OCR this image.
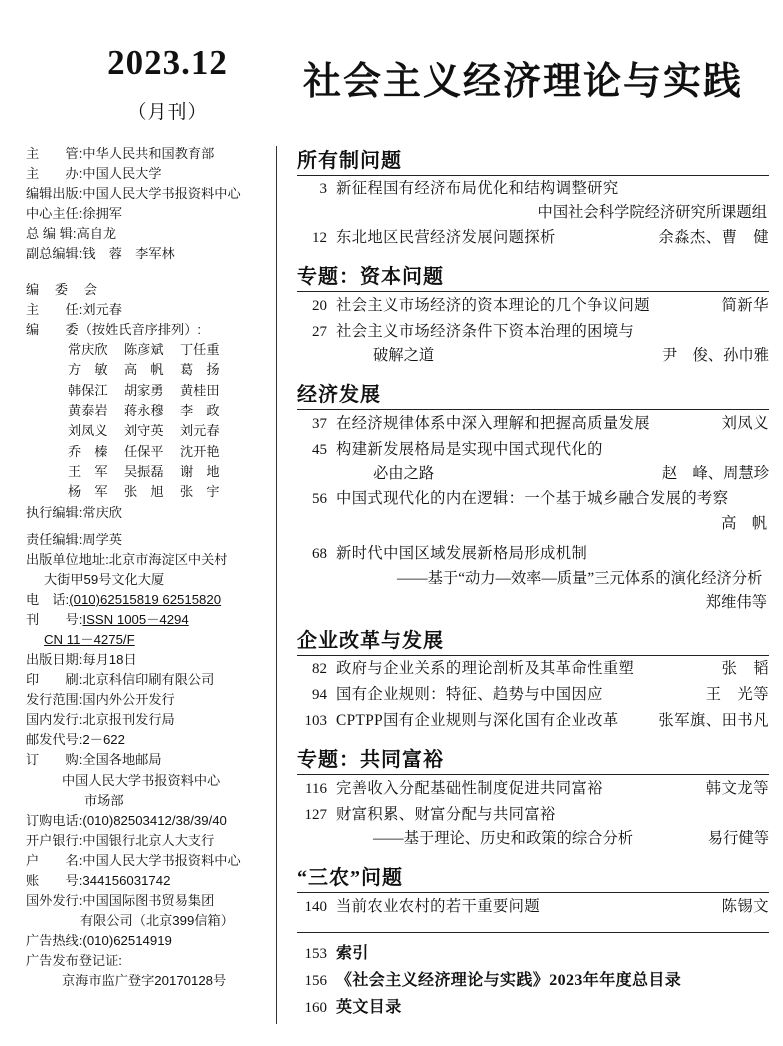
2023.12
（月刊）
社会主义经济理论与实践
主　　管: 中华人民共和国教育部
主　　办: 中国人民大学
编辑出版: 中国人民大学书报资料中心
中心主任: 徐拥军
总 编 辑: 高自龙
副总编辑: 钱　蓉　李军林
编 委 会
主　　任: 刘元春
编　　委 （按姓氏音序排列）:
常庆欣 陈彦斌 丁任重
方　敏 高　帆 葛　扬
韩保江 胡家勇 黄桂田
黄泰岩 蒋永穆 李　政
刘凤义 刘守英 刘元春
乔　榛 任保平 沈开艳
王　军 吴振磊 谢　地
杨　军 张　旭 张　宇
执行编辑: 常庆欣
责任编辑: 周学英
出版单位地址: 北京市海淀区中关村
大街甲59号文化大厦
电　话: (010)62515819 62515820
刊　　号: ISSN 1005－4294
CN 11－4275/F
出版日期: 每月18日
印　　刷: 北京科信印刷有限公司
发行范围: 国内外公开发行
国内发行: 北京报刊发行局
邮发代号: 2－622
订　　购: 全国各地邮局
中国人民大学书报资料中心
市场部
订购电话: (010)82503412/38/39/40
开户银行: 中国银行北京人大支行
户　　名: 中国人民大学书报资料中心
账　　号: 344156031742
国外发行: 中国国际图书贸易集团
有限公司（北京399信箱）
广告热线: (010)62514919
广告发布登记证:
京海市监广登字20170128号
所有制问题
3 新征程国有经济布局优化和结构调整研究
中国社会科学院经济研究所课题组
12 东北地区民营经济发展问题探析	余淼杰、曹　健
专题：资本问题
20 社会主义市场经济的资本理论的几个争议问题	简新华
27 社会主义市场经济条件下资本治理的困境与
破解之道	尹　俊、孙巾雅
经济发展
37 在经济规律体系中深入理解和把握高质量发展	刘凤义
45 构建新发展格局是实现中国式现代化的
必由之路	赵　峰、周慧珍
56 中国式现代化的内在逻辑：一个基于城乡融合发展的考察
高　帆
68 新时代中国区域发展新格局形成机制
——基于“动力—效率—质量”三元体系的演化经济分析
郑维伟等
企业改革与发展
82 政府与企业关系的理论剖析及其革命性重塑	张　韬
94 国有企业规则：特征、趋势与中国因应	王　光等
103 CPTPP国有企业规则与深化国有企业改革	张军旗、田书凡
专题：共同富裕
116 完善收入分配基础性制度促进共同富裕	韩文龙等
127 财富积累、财富分配与共同富裕
——基于理论、历史和政策的综合分析	易行健等
“三农”问题
140 当前农业农村的若干重要问题	陈锡文
153 索引
156 《社会主义经济理论与实践》2023年年度总目录
160 英文目录
